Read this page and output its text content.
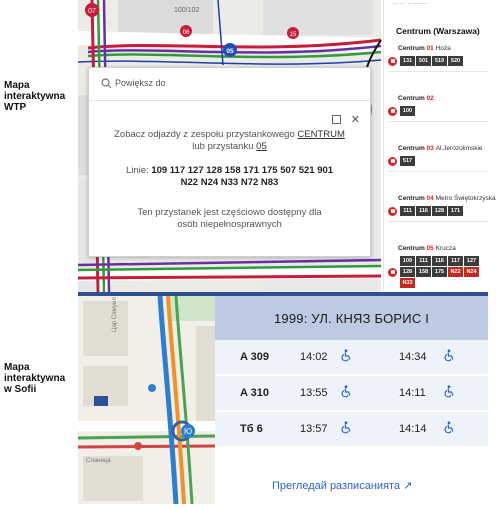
Mapa
interaktywna
WTP
Mapa
interaktywna
w Sofii
07
06	15
05
100/102
Powiększ do
✕
Zobacz odjazdy z zespołu przystankowego CENTRUM
lub przystanku 05
Linie: 109 117 127 128 158 171 175 507 521 901
N22 N24 N33 N72 N83
Ten przystanek jest częściowo dostępny dla osób niepełnosprawnych
··· ··· ·· ·······
Centrum (Warszawa)
Centrum 01 Hoża
131	501	519	520
Centrum 02
100
Centrum 03 Al.Jerozolimskie
517
Centrum 04 Metro Świętokrzyska
111	116	128	171
Centrum 05 Krucza
109	111	116	117	127
128	158	175	N22	N24
N33
Ю
Цар Самуил
Сланица
1999: УЛ. КНЯЗ БОРИС I
A 309	14:02	14:34
A 310	13:55	14:11
Тб 6	13:57	14:14
Прегледай разписанията ↗
